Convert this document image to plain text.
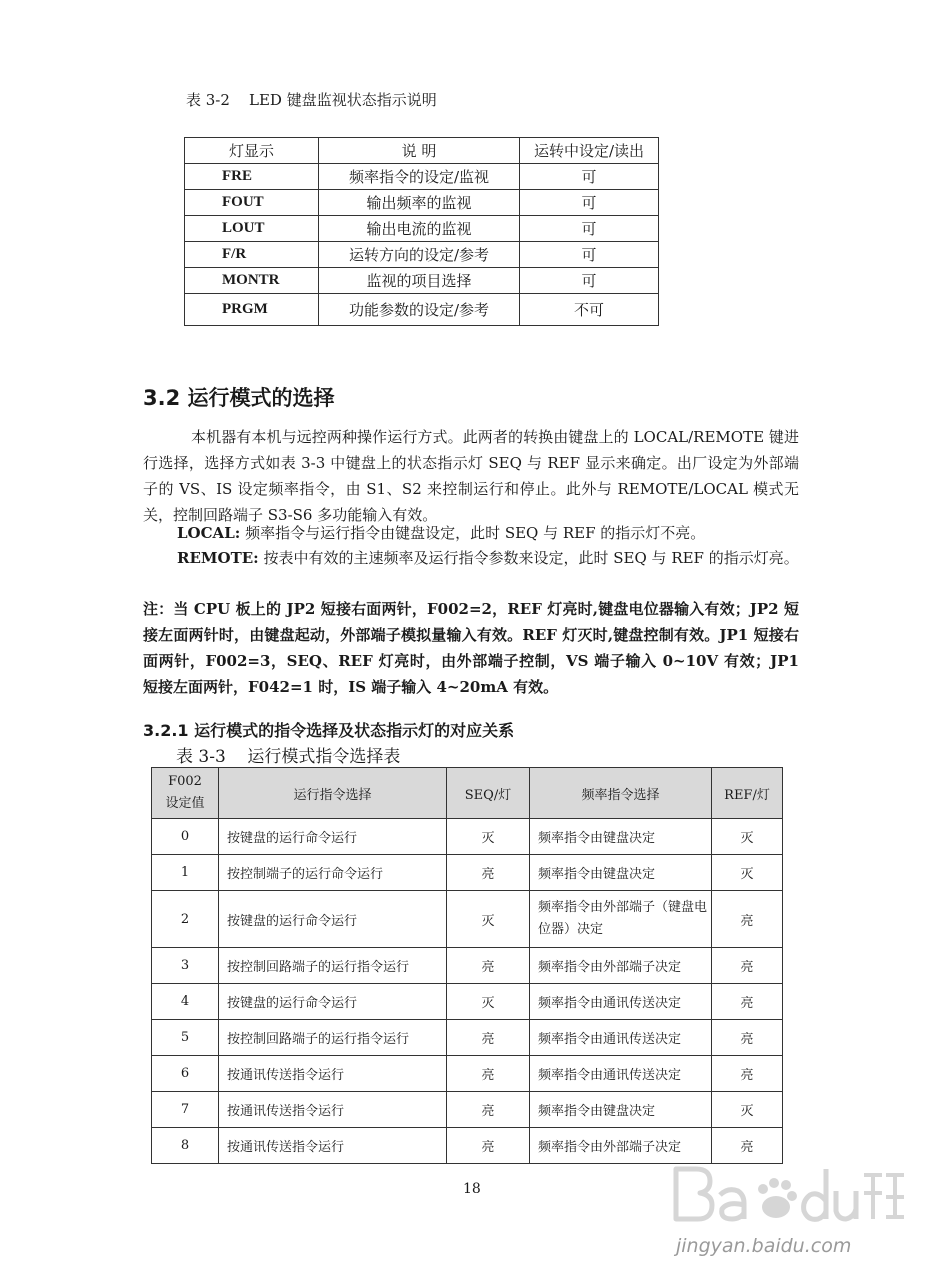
表 3-2    LED 键盘监视状态指示说明
灯显示	说 明	运转中设定/读出
FRE	频率指令的设定/监视	可
FOUT	输出频率的监视	可
LOUT	输出电流的监视	可
F/R	运转方向的设定/参考	可
MONTR	监视的项目选择	可
PRGM	功能参数的设定/参考	不可
3.2 运行模式的选择
本机器有本机与远控两种操作运行方式。此两者的转换由键盘上的 LOCAL/REMOTE 键进行选择，选择方式如表 3-3 中键盘上的状态指示灯 SEQ 与 REF 显示来确定。出厂设定为外部端子的 VS、IS 设定频率指令，由 S1、S2 来控制运行和停止。此外与 REMOTE/LOCAL 模式无关，控制回路端子 S3-S6 多功能输入有效。
LOCAL: 频率指令与运行指令由键盘设定，此时 SEQ 与 REF 的指示灯不亮。
REMOTE: 按表中有效的主速频率及运行指令参数来设定，此时 SEQ 与 REF 的指示灯亮。
注：当 CPU 板上的 JP2 短接右面两针，F002=2，REF 灯亮时,键盘电位器输入有效；JP2 短接左面两针时，由键盘起动，外部端子模拟量输入有效。REF 灯灭时,键盘控制有效。JP1 短接右面两针，F002=3，SEQ、REF 灯亮时，由外部端子控制，VS 端子输入 0~10V 有效；JP1 短接左面两针，F042=1 时，IS 端子输入 4~20mA 有效。
3.2.1 运行模式的指令选择及状态指示灯的对应关系
表 3-3    运行模式指令选择表
F002
设定值	运行指令选择	SEQ/灯	频率指令选择	REF/灯
0	按键盘的运行命令运行	灭	频率指令由键盘决定	灭
1	按控制端子的运行命令运行	亮	频率指令由键盘决定	灭
2	按键盘的运行命令运行	灭	频率指令由外部端子（键盘电位器）决定	亮
3	按控制回路端子的运行指令运行	亮	频率指令由外部端子决定	亮
4	按键盘的运行命令运行	灭	频率指令由通讯传送决定	亮
5	按控制回路端子的运行指令运行	亮	频率指令由通讯传送决定	亮
6	按通讯传送指令运行	亮	频率指令由通讯传送决定	亮
7	按通讯传送指令运行	亮	频率指令由键盘决定	灭
8	按通讯传送指令运行	亮	频率指令由外部端子决定	亮
18
jingyan.baidu.com
